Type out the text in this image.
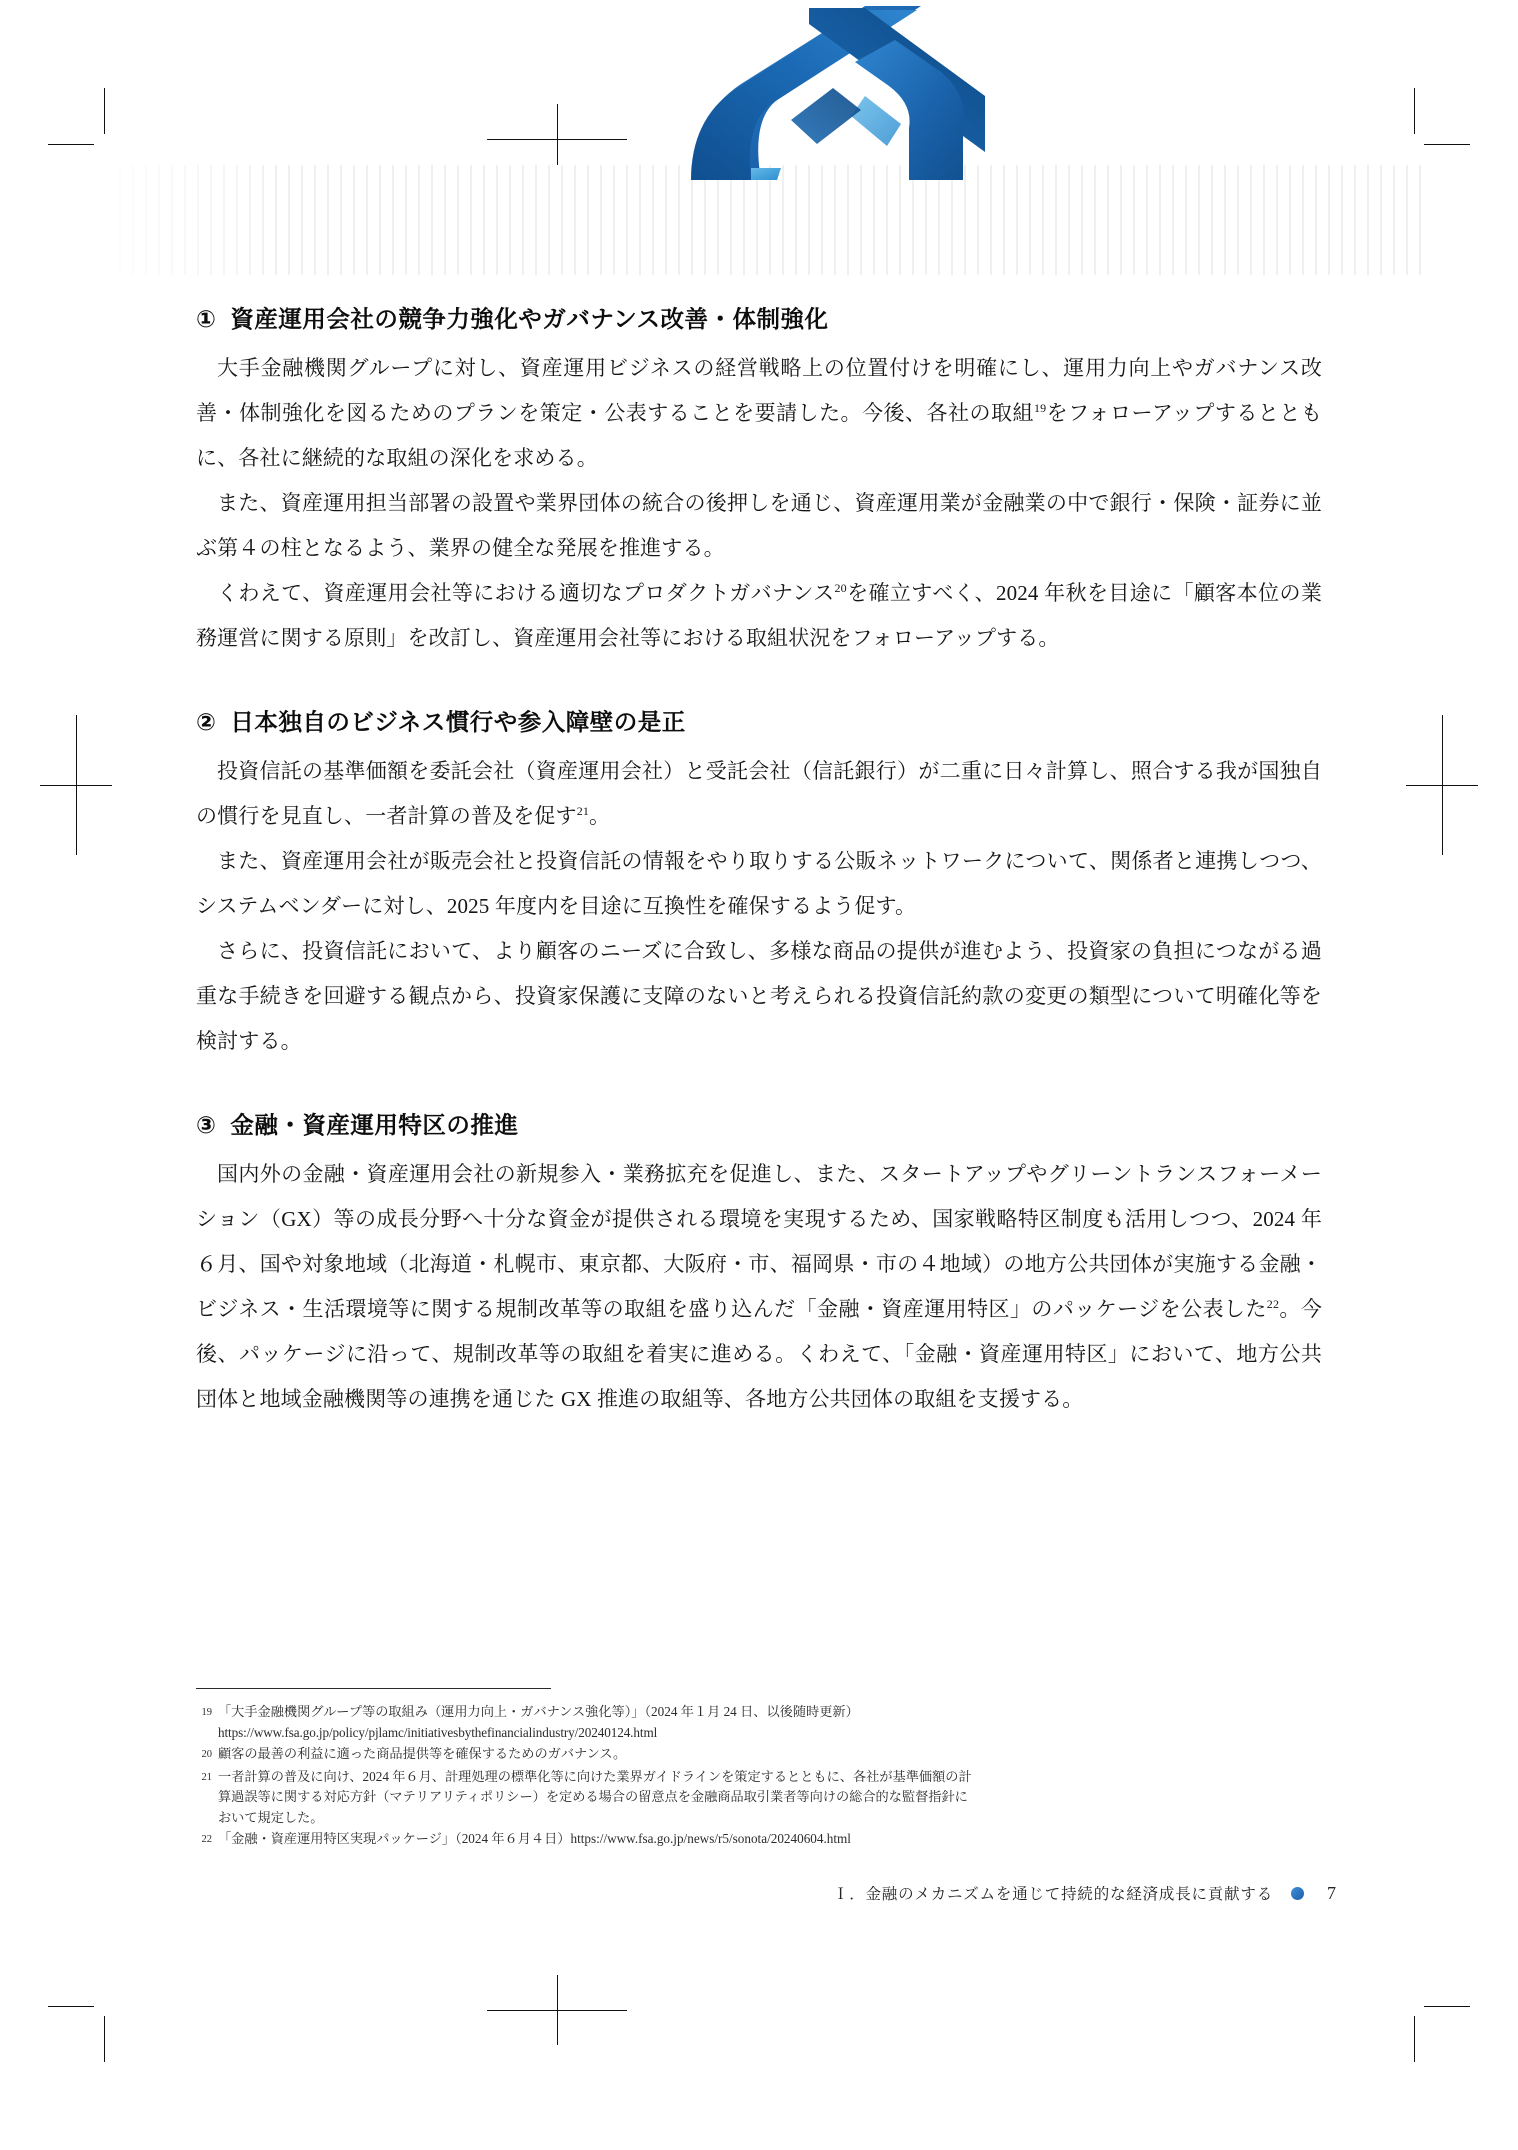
① 資産運用会社の競争力強化やガバナンス改善・体制強化

大手金融機関グループに対し、資産運用ビジネスの経営戦略上の位置付けを明確にし、運用力向上やガバナンス改善・体制強化を図るためのプランを策定・公表することを要請した。今後、各社の取組$^{19}$をフォローアップするとともに、各社に継続的な取組の深化を求める。

また、資産運用担当部署の設置や業界団体の統合の後押しを通じ、資産運用業が金融業の中で銀行・保険・証券に並ぶ第４の柱となるよう、業界の健全な発展を推進する。

くわえて、資産運用会社等における適切なプロダクトガバナンス$^{20}$を確立すべく、2024 年秋を目途に「顧客本位の業務運営に関する原則」を改訂し、資産運用会社等における取組状況をフォローアップする。

② 日本独自のビジネス慣行や参入障壁の是正

投資信託の基準価額を委託会社（資産運用会社）と受託会社（信託銀行）が二重に日々計算し、照合する我が国独自の慣行を見直し、一者計算の普及を促す$^{21}$。

また、資産運用会社が販売会社と投資信託の情報をやり取りする公販ネットワークについて、関係者と連携しつつ、システムベンダーに対し、2025 年度内を目途に互換性を確保するよう促す。

さらに、投資信託において、より顧客のニーズに合致し、多様な商品の提供が進むよう、投資家の負担につながる過重な手続きを回避する観点から、投資家保護に支障のないと考えられる投資信託約款の変更の類型について明確化等を検討する。

③ 金融・資産運用特区の推進

国内外の金融・資産運用会社の新規参入・業務拡充を促進し、また、スタートアップやグリーントランスフォーメーション（GX）等の成長分野へ十分な資金が提供される環境を実現するため、国家戦略特区制度も活用しつつ、2024 年６月、国や対象地域（北海道・札幌市、東京都、大阪府・市、福岡県・市の４地域）の地方公共団体が実施する金融・ビジネス・生活環境等に関する規制改革等の取組を盛り込んだ「金融・資産運用特区」のパッケージを公表した$^{22}$。今後、パッケージに沿って、規制改革等の取組を着実に進める。くわえて、「金融・資産運用特区」において、地方公共団体と地域金融機関等の連携を通じた GX 推進の取組等、各地方公共団体の取組を支援する。

19 「大手金融機関グループ等の取組み（運用力向上・ガバナンス強化等）」（2024 年１月 24 日、以後随時更新）
https://www.fsa.go.jp/policy/pjlamc/initiativesbythefinancialindustry/20240124.html
20 顧客の最善の利益に適った商品提供等を確保するためのガバナンス。
21 一者計算の普及に向け、2024 年６月、計理処理の標準化等に向けた業界ガイドラインを策定するとともに、各社が基準価額の計
算過誤等に関する対応方針（マテリアリティポリシー）を定める場合の留意点を金融商品取引業者等向けの総合的な監督指針に
おいて規定した。
22 「金融・資産運用特区実現パッケージ」（2024 年６月４日）https://www.fsa.go.jp/news/r5/sonota/20240604.html
Ｉ．金融のメカニズムを通じて持続的な経済成長に貢献する	7
